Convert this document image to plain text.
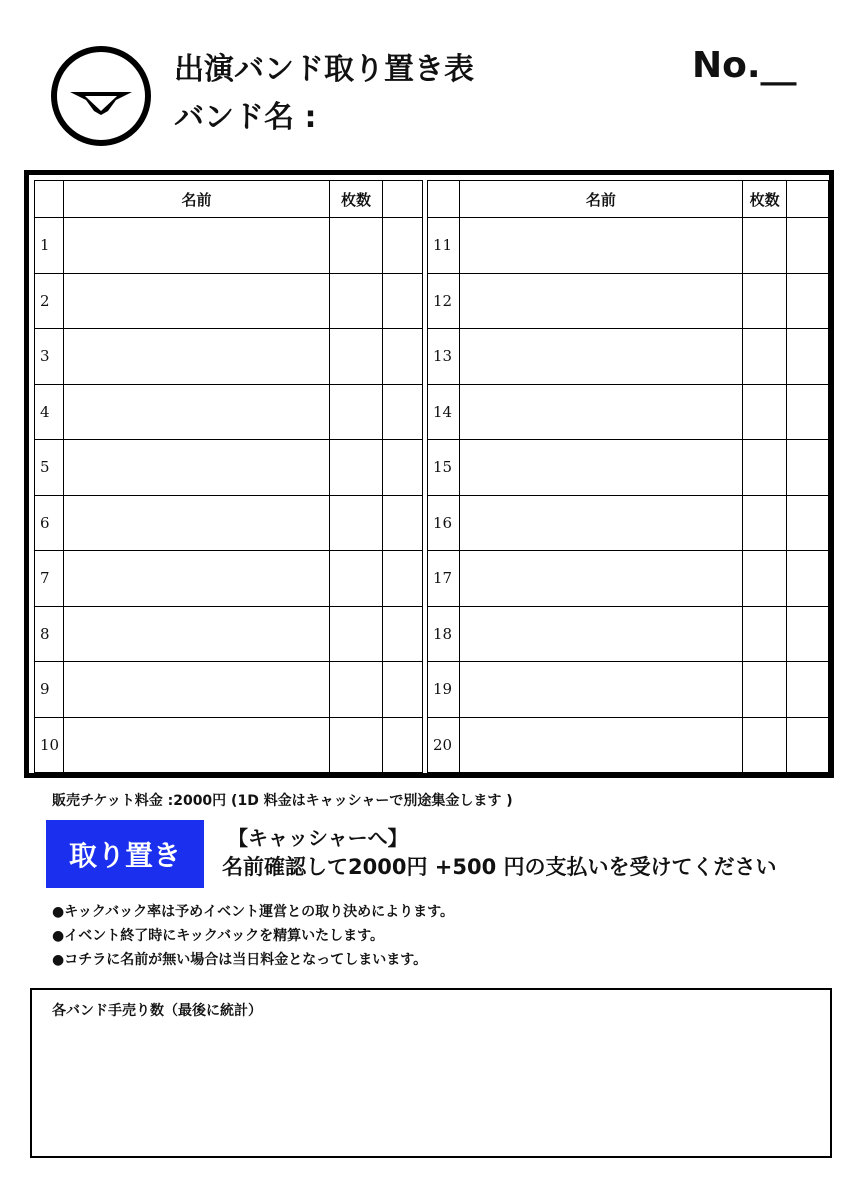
出演バンド取り置き表
バンド名 :
No.__
	名前	枚数	
1			
2			
3			
4			
5			
6			
7			
8			
9			
10			
	名前	枚数	
11			
12			
13			
14			
15			
16			
17			
18			
19			
20			
販売チケット料金 :2000円 (1D 料金はキャッシャーで別途集金します )
取り置き
【キャッシャーへ】
名前確認して2000円 +500 円の支払いを受けてください
●キックバック率は予めイベント運営との取り決めによります。
●イベント終了時にキックバックを精算いたします。
●コチラに名前が無い場合は当日料金となってしまいます。
各バンド手売り数（最後に統計）
